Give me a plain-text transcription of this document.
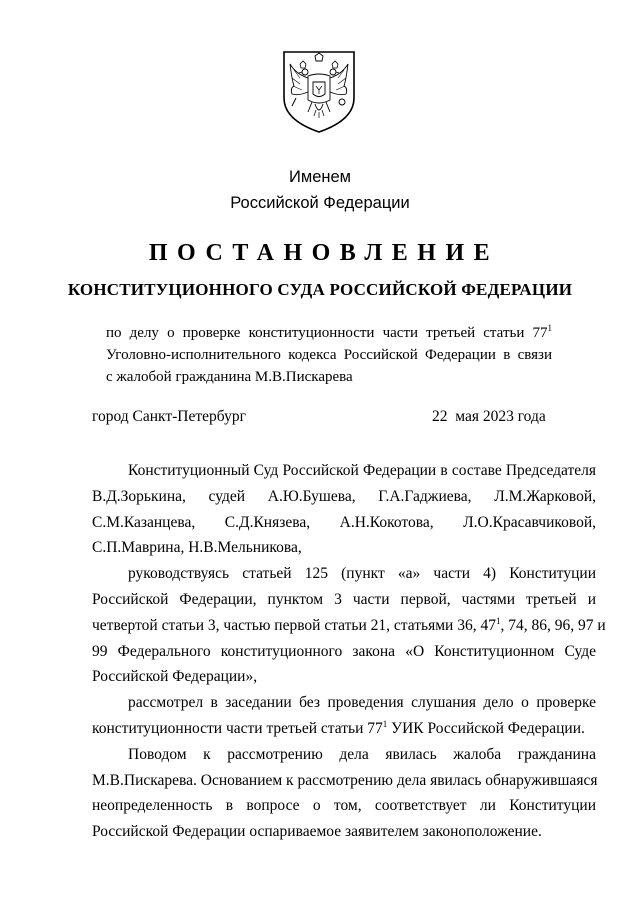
Именем
Российской Федерации
ПОСТАНОВЛЕНИЕ
КОНСТИТУЦИОННОГО СУДА РОССИЙСКОЙ ФЕДЕРАЦИИ
по делу о проверке конституционности части третьей статьи $77^1$
Уголовно-исполнительного кодекса Российской Федерации в связи
с жалобой гражданина М.В.Пискарева
город Санкт-Петербург	22  мая 2023 года
Конституционный Суд Российской Федерации в составе Председателя
В.Д.Зорькина, судей А.Ю.Бушева, Г.А.Гаджиева, Л.М.Жарковой,
С.М.Казанцева, С.Д.Князева, А.Н.Кокотова, Л.О.Красавчиковой,
С.П.Маврина, Н.В.Мельникова,
руководствуясь статьей 125 (пункт «а» части 4) Конституции
Российской Федерации, пунктом 3 части первой, частями третьей и
четвертой статьи 3, частью первой статьи 21, статьями 36, $47^1$, 74, 86, 96, 97 и
99 Федерального конституционного закона «О Конституционном Суде
Российской Федерации»,
рассмотрел в заседании без проведения слушания дело о проверке
конституционности части третьей статьи $77^1$ УИК Российской Федерации.
Поводом к рассмотрению дела явилась жалоба гражданина
М.В.Пискарева. Основанием к рассмотрению дела явилась обнаружившаяся
неопределенность в вопросе о том, соответствует ли Конституции
Российской Федерации оспариваемое заявителем законоположение.
